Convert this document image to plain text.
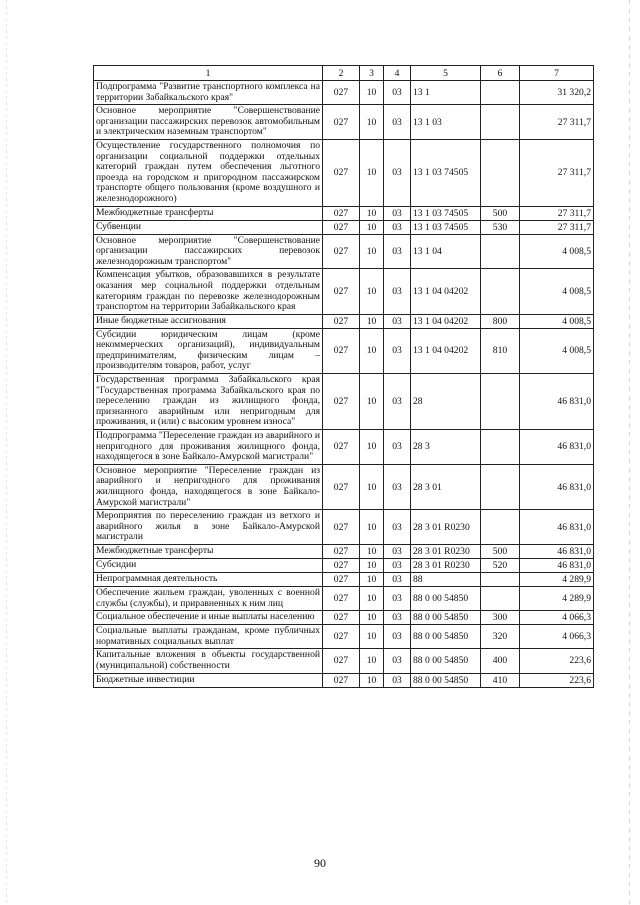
1	2	3	4	5	6	7
Подпрограмма "Развитие транспортного комплекса на территории Забайкальского края"	027	10	03	13 1		31 320,2
Основное мероприятие "Совершенствование организации пассажирских перевозок автомобильным и электрическим наземным транспортом"	027	10	03	13 1 03		27 311,7
Осуществление государственного полномочия по организации социальной поддержки отдельных категорий граждан путем обеспечения льготного проезда на городском и пригородном пассажирском транспорте общего пользования (кроме воздушного и железнодорожного)	027	10	03	13 1 03 74505		27 311,7
Межбюджетные трансферты	027	10	03	13 1 03 74505	500	27 311,7
Субвенции	027	10	03	13 1 03 74505	530	27 311,7
Основное мероприятие "Совершенствование организации пассажирских перевозок железнодорожным транспортом"	027	10	03	13 1 04		4 008,5
Компенсация убытков, образовавшихся в результате оказания мер социальной поддержки отдельным категориям граждан по перевозке железнодорожным транспортом на территории Забайкальского края	027	10	03	13 1 04 04202		4 008,5
Иные бюджетные ассигнования	027	10	03	13 1 04 04202	800	4 008,5
Субсидии юридическим лицам (кроме некоммерческих организаций), индивидуальным предпринимателям, физическим лицам – производителям товаров, работ, услуг	027	10	03	13 1 04 04202	810	4 008,5
Государственная программа Забайкальского края "Государственная программа Забайкальского края по переселению граждан из жилищного фонда, признанного аварийным или непригодным для проживания, и (или) с высоким уровнем износа"	027	10	03	28		46 831,0
Подпрограмма "Переселение граждан из аварийного и непригодного для проживания жилищного фонда, находящегося в зоне Байкало-Амурской магистрали"	027	10	03	28 3		46 831,0
Основное мероприятие "Переселение граждан из аварийного и непригодного для проживания жилищного фонда, находящегося в зоне Байкало-Амурской магистрали"	027	10	03	28 3 01		46 831,0
Мероприятия по переселению граждан из ветхого и аварийного жилья в зоне Байкало-Амурской магистрали	027	10	03	28 3 01 R0230		46 831,0
Межбюджетные трансферты	027	10	03	28 3 01 R0230	500	46 831,0
Субсидии	027	10	03	28 3 01 R0230	520	46 831,0
Непрограммная деятельность	027	10	03	88		4 289,9
Обеспечение жильем граждан, уволенных с военной службы (службы), и приравненных к ним лиц	027	10	03	88 0 00 54850		4 289,9
Социальное обеспечение и иные выплаты населению	027	10	03	88 0 00 54850	300	4 066,3
Социальные выплаты гражданам, кроме публичных нормативных социальных выплат	027	10	03	88 0 00 54850	320	4 066,3
Капитальные вложения в объекты государственной (муниципальной) собственности	027	10	03	88 0 00 54850	400	223,6
Бюджетные инвестиции	027	10	03	88 0 00 54850	410	223,6
90
